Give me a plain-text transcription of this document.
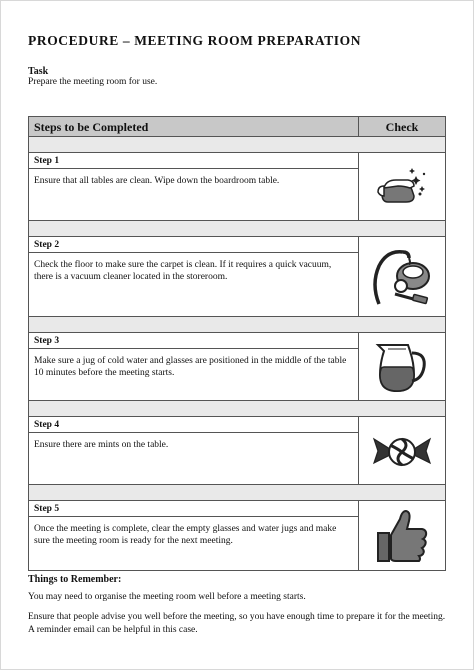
PROCEDURE – MEETING ROOM PREPARATION
Task
Prepare the meeting room for use.
Steps to be Completed	Check
Step 1
Ensure that all tables are clean. Wipe down the boardroom table.
Step 2
Check the floor to make sure the carpet is clean. If it requires a quick vacuum, there is a vacuum cleaner located in the storeroom.
Step 3
Make sure a jug of cold water and glasses are positioned in the middle of the table 10 minutes before the meeting starts.
Step 4
Ensure there are mints on the table.
Step 5
Once the meeting is complete, clear the empty glasses and water jugs and make sure the meeting room is ready for the next meeting.
Things to Remember:
You may need to organise the meeting room well before a meeting starts.
Ensure that people advise you well before the meeting, so you have enough time to prepare it for the meeting. A reminder email can be helpful in this case.
